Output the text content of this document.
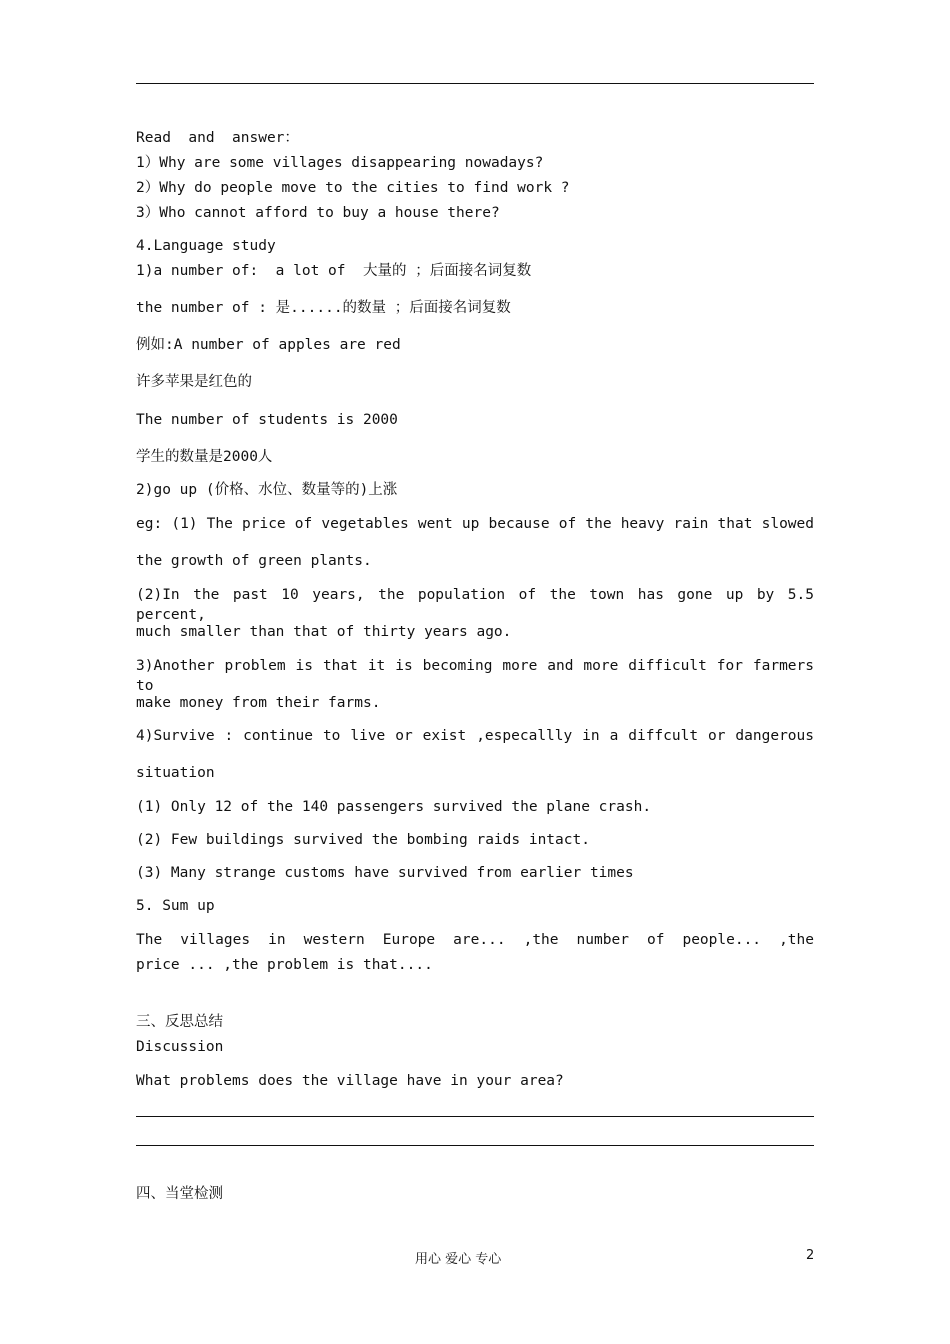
Read  and  answer：
1）Why are some villages disappearing nowadays?
2）Why do people move to the cities to find work ?
3）Who cannot afford to buy a house there?
4.Language study
1)a number of:  a lot of  大量的 ；后面接名词复数
the number of : 是......的数量 ；后面接名词复数
例如:A number of apples are red
许多苹果是红色的
The number of students is 2000
学生的数量是2000人
2)go up (价格、水位、数量等的)上涨
eg: (1) The price of vegetables went up because of the heavy rain that slowed
the growth of green plants.
(2)In the past 10 years, the population of the town has gone up by 5.5 percent,
much smaller than that of thirty years ago.
3)Another problem is that it is becoming more and more difficult for farmers to
make money from their farms.
4)Survive : continue to live or exist ,especallly in a diffcult or dangerous
situation
(1) Only 12 of the 140 passengers survived the plane crash.
(2) Few buildings survived the bombing raids intact.
(3) Many strange customs have survived from earlier times
5. Sum up
The villages in western Europe are... ,the number of people... ,the
price ... ,the problem is that....
三、反思总结
Discussion
What problems does the village have in your area?
四、当堂检测
用心 爱心 专心	2
